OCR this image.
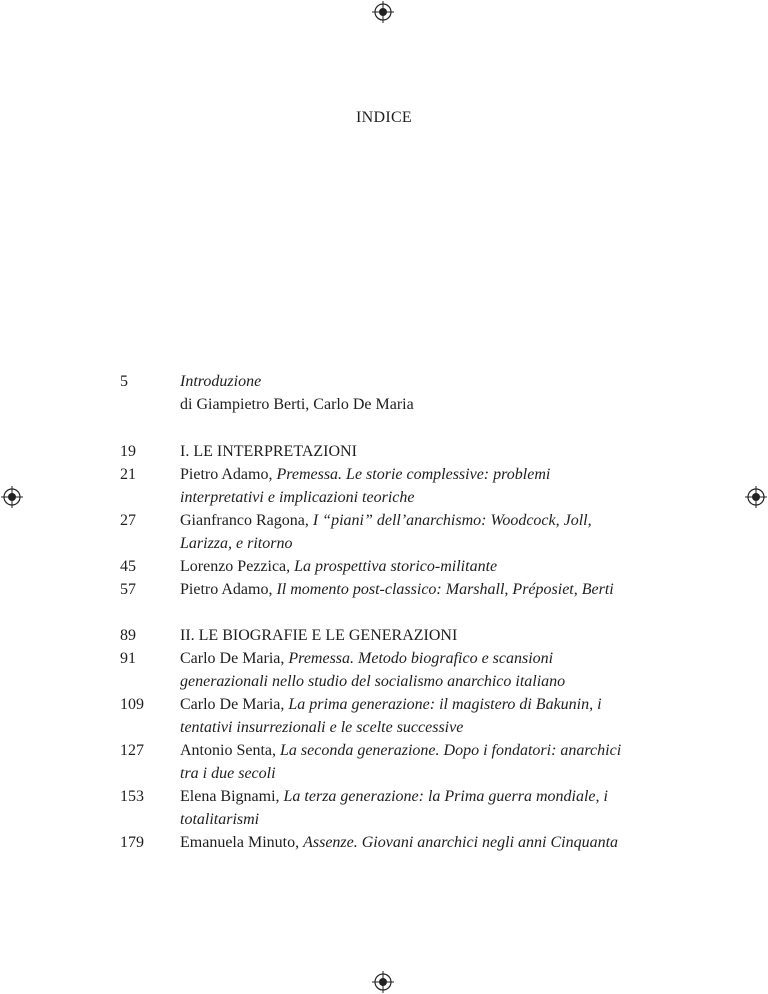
INDICE
5	Introduzione
di Giampietro Berti, Carlo De Maria
19	I. LE INTERPRETAZIONI
21	Pietro Adamo, Premessa. Le storie complessive: problemi
interpretativi e implicazioni teoriche
27	Gianfranco Ragona, I “piani” dell’anarchismo: Woodcock, Joll,
Larizza, e ritorno
45	Lorenzo Pezzica, La prospettiva storico-militante
57	Pietro Adamo, Il momento post-classico: Marshall, Préposiet, Berti
89	II. LE BIOGRAFIE E LE GENERAZIONI
91	Carlo De Maria, Premessa. Metodo biografico e scansioni
generazionali nello studio del socialismo anarchico italiano
109 Carlo De Maria, La prima generazione: il magistero di Bakunin, i
tentativi insurrezionali e le scelte successive
127 Antonio Senta, La seconda generazione. Dopo i fondatori: anarchici
tra i due secoli
153 Elena Bignami, La terza generazione: la Prima guerra mondiale, i
totalitarismi
179 Emanuela Minuto, Assenze. Giovani anarchici negli anni Cinquanta
